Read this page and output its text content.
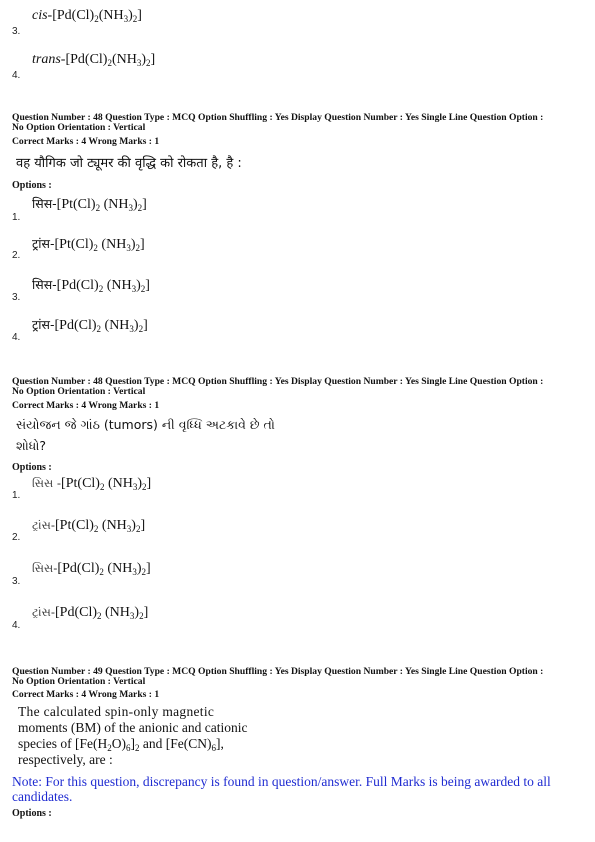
3.
cis-$[Pd(Cl)_2(NH_3)_2]$
4.
trans-$[Pd(Cl)_2(NH_3)_2]$
Question Number : 48 Question Type : MCQ Option Shuffling : Yes Display Question Number : Yes Single Line Question Option :
No Option Orientation : Vertical
Correct Marks : 4 Wrong Marks : 1
वह यौगिक जो ट्यूमर की वृद्धि को रोकता है, है :
Options :
1.
$सिस-[Pt(Cl)_2$ $(NH_3)_2$]
2.
$ट्रांस-[Pt(Cl)_2$ $(NH_3)_2$]
3.
$सिस-[Pd(Cl)_2$ $(NH_3)_2$]
4.
$ट्रांस-[Pd(Cl)_2$ $(NH_3)_2$]
Question Number : 48 Question Type : MCQ Option Shuffling : Yes Display Question Number : Yes Single Line Question Option :
No Option Orientation : Vertical
Correct Marks : 4 Wrong Marks : 1
સંયોજન જે ગાંઠ (tumors) ની વૃધ્ધિ અટકાવે છે તો
શોધો?
Options :
1.
સિસ $-[Pt(Cl)_2$ $(NH_3)_2$]
2.
$ટ્રાંસ-[Pt(Cl)_2$ $(NH_3)_2$]
3.
$સિસ-[Pd(Cl)_2$ $(NH_3)_2$]
4.
$ટ્રાંસ-[Pd(Cl)_2$ $(NH_3)_2$]
Question Number : 49 Question Type : MCQ Option Shuffling : Yes Display Question Number : Yes Single Line Question Option :
No Option Orientation : Vertical
Correct Marks : 4 Wrong Marks : 1
The calculated spin-only magnetic
moments (BM) of the anionic and cationic
species of $[Fe(H_2O)_6]_2$ and $[Fe(CN)_6]$,
respectively, are :
Note: For this question, discrepancy is found in question/answer. Full Marks is being awarded to all candidates.
Options :
